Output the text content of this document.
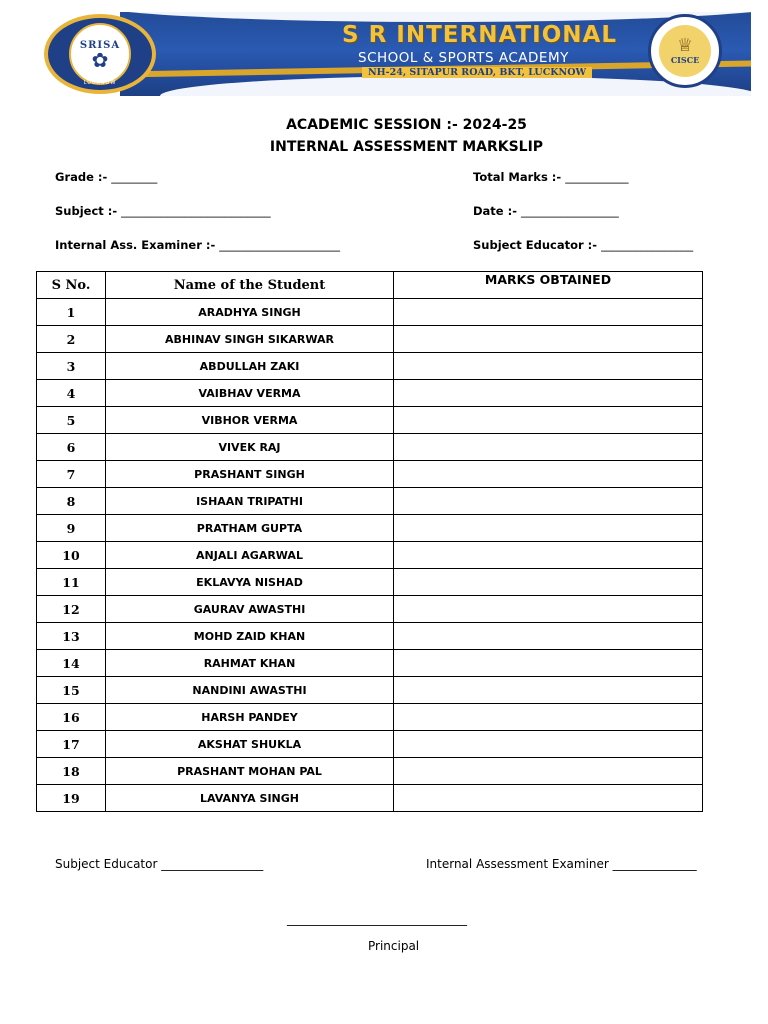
SRISA
✿
LUCKNOW
S R INTERNATIONAL
SCHOOL & SPORTS ACADEMY
NH-24, SITAPUR ROAD, BKT, LUCKNOW
♕
CISCE
ACADEMIC SESSION :- 2024-25
INTERNAL ASSESSMENT MARKSLIP
Grade :- ________	Total Marks :- ___________
Subject :- __________________________	Date :- _________________
Internal Ass. Examiner :- _____________________	Subject Educator :- ________________
S No.	Name of the Student	MARKS OBTAINED
1	ARADHYA SINGH	
2	ABHINAV SINGH SIKARWAR	
3	ABDULLAH ZAKI	
4	VAIBHAV VERMA	
5	VIBHOR VERMA	
6	VIVEK RAJ	
7	PRASHANT SINGH	
8	ISHAAN TRIPATHI	
9	PRATHAM GUPTA	
10	ANJALI AGARWAL	
11	EKLAVYA NISHAD	
12	GAURAV AWASTHI	
13	MOHD ZAID KHAN	
14	RAHMAT KHAN	
15	NANDINI AWASTHI	
16	HARSH PANDEY	
17	AKSHAT SHUKLA	
18	PRASHANT MOHAN PAL	
19	LAVANYA SINGH	
Subject Educator _________________	Internal Assessment Examiner ______________
______________________________
Principal
